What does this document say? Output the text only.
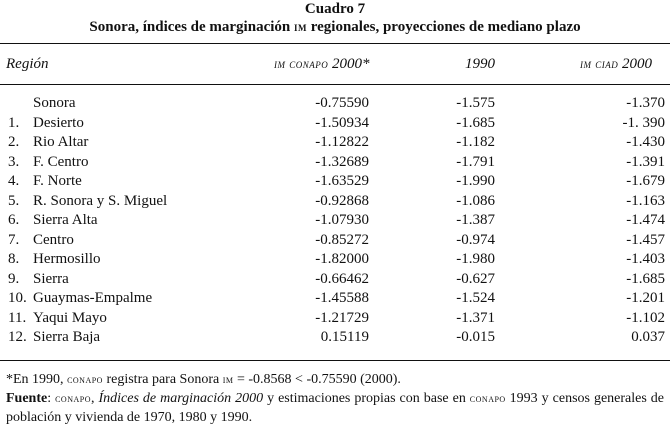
Cuadro 7
Sonora, índices de marginación im regionales, proyecciones de mediano plazo
Región	im conapo 2000*	1990	im ciad 2000
Sonora	-0.75590	-1.575	-1.370
1. Desierto	-1.50934	-1.685	-1. 390
2. Rio Altar	-1.12822	-1.182	-1.430
3. F. Centro	-1.32689	-1.791	-1.391
4. F. Norte	-1.63529	-1.990	-1.679
5. R. Sonora y S. Miguel	-0.92868	-1.086	-1.163
6. Sierra Alta	-1.07930	-1.387	-1.474
7. Centro	-0.85272	-0.974	-1.457
8. Hermosillo	-1.82000	-1.980	-1.403
9. Sierra	-0.66462	-0.627	-1.685
10. Guaymas-Empalme	-1.45588	-1.524	-1.201
11. Yaqui Mayo	-1.21729	-1.371	-1.102
12. Sierra Baja	0.15119	-0.015	0.037
*En 1990, conapo registra para Sonora im = -0.8568 < -0.75590 (2000).
Fuente: conapo, Índices de marginación 2000 y estimaciones propias con base en conapo 1993 y censos generales de población y vivienda de 1970, 1980 y 1990.
